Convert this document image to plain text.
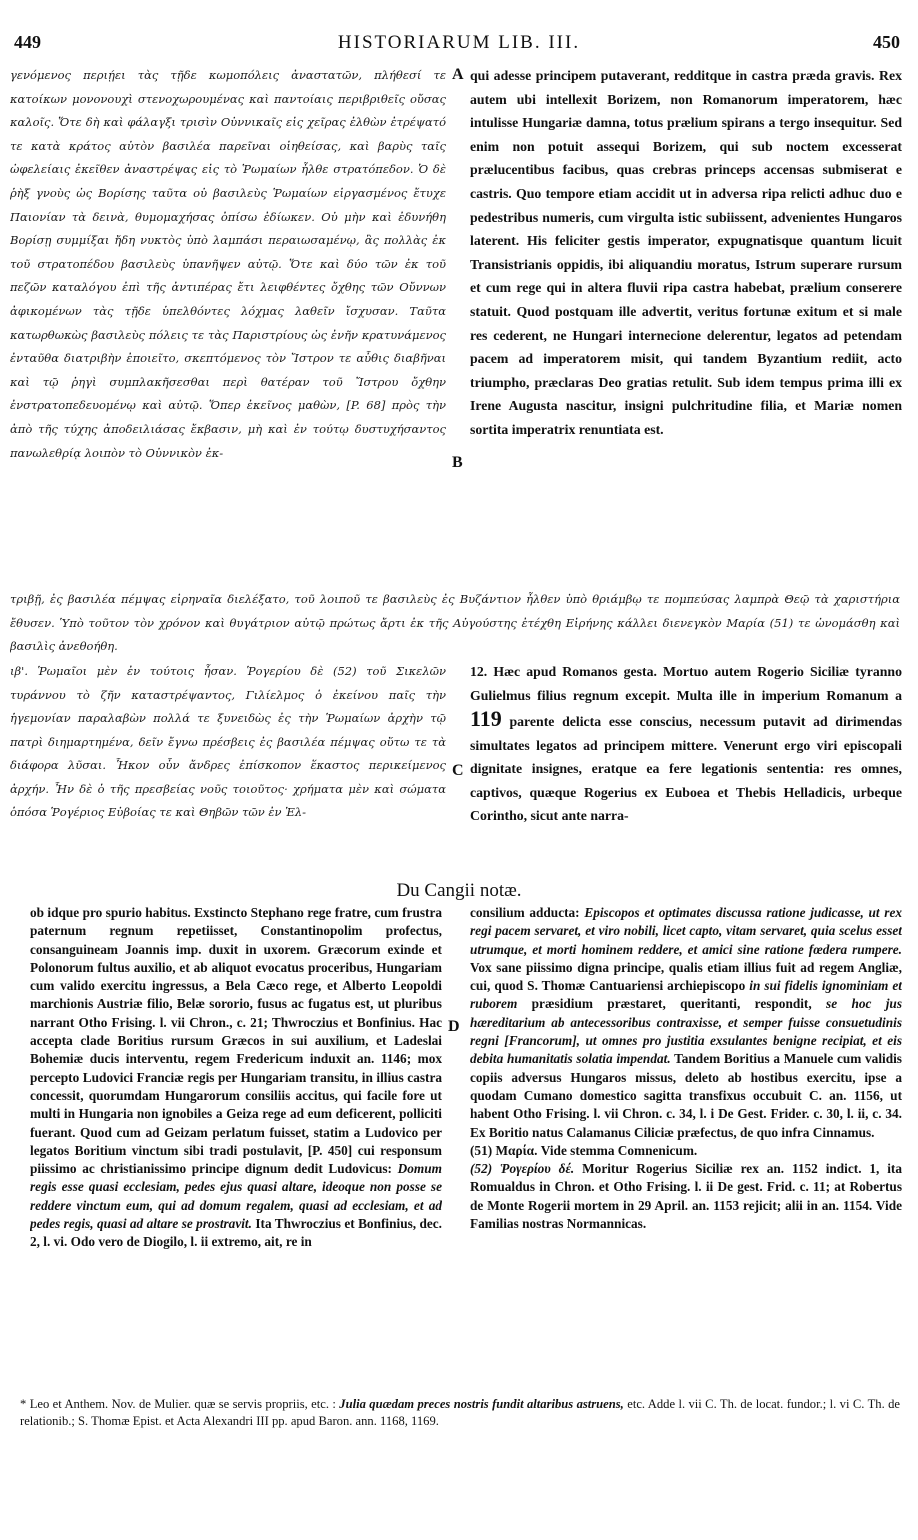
449	HISTORIARUM LIB. III.	450

γενόμενος περιῄει τὰς τῇδε κωμοπόλεις ἀναστατῶν, πλήθεσί τε κατοίκων μονονουχὶ στενοχωρουμένας καὶ παντοίαις περιβριθεῖς οὔσας καλοῖς. Ὅτε δὴ καὶ φάλαγξι τρισὶν Οὐννικαῖς εἰς χεῖρας ἐλθὼν ἐτρέψατό τε κατὰ κράτος αὐτὸν βασιλέα παρεῖναι οἰηθείσας, καὶ βαρὺς ταῖς ὠφελείαις ἐκεῖθεν ἀναστρέψας εἰς τὸ Ῥωμαίων ἦλθε στρατόπεδον. Ὁ δὲ ῥὴξ γνοὺς ὡς Βορίσης ταῦτα οὐ βασιλεὺς Ῥωμαίων εἰργασμένος ἔτυχε Παιονίαν τὰ δεινὰ, θυμομαχήσας ὀπίσω ἐδίωκεν. Οὐ μὴν καὶ ἐδυνήθη Βορίσῃ συμμίξαι ἤδη νυκτὸς ὑπὸ λαμπάσι περαιωσαμένῳ, ἃς πολλὰς ἐκ τοῦ στρατοπέδου βασιλεὺς ὑπανῆψεν αὐτῷ. Ὅτε καὶ δύο τῶν ἐκ τοῦ πεζῶν καταλόγου ἐπὶ τῆς ἀντιπέρας ἔτι λειφθέντες ὄχθης τῶν Οὔννων ἀφικομένων τὰς τῇδε ὑπελθόντες λόχμας λαθεῖν ἴσχυσαν. Ταῦτα κατωρθωκὼς βασιλεὺς πόλεις τε τὰς Παριστρίους ὡς ἐνῆν κρατυνάμενος ἐνταῦθα διατριβὴν ἐποιεῖτο, σκεπτόμενος τὸν Ἴστρον τε αὖθις διαβῆναι καὶ τῷ ῥηγὶ συμπλακῆσεσθαι περὶ θατέραν τοῦ Ἴστρου ὄχθην ἐνστρατοπεδευομένῳ καὶ αὐτῷ. Ὅπερ ἐκεῖνος μαθὼν, [P. 68] πρὸς τὴν ἀπὸ τῆς τύχης ἀποδειλιάσας ἔκβασιν, μὴ καὶ ἐν τούτῳ δυστυχήσαντος πανωλεθρίᾳ λοιπὸν τὸ Οὐννικὸν ἐκ-

qui adesse principem putaverant, redditque in castra præda gravis. Rex autem ubi intellexit Borizem, non Romanorum imperatorem, hæc intulisse Hungariæ damna, totus prælium spirans a tergo insequitur. Sed enim non potuit assequi Borizem, qui sub noctem excesserat prælucentibus facibus, quas crebras princeps accensas submiserat e castris. Quo tempore etiam accidit ut in adversa ripa relicti adhuc duo e pedestribus numeris, cum virgulta istic subiissent, advenientes Hungaros laterent. His feliciter gestis imperator, expugnatisque quantum licuit Transistrianis oppidis, ibi aliquandiu moratus, Istrum superare rursum et cum rege qui in altera fluvii ripa castra habebat, prælium conserere statuit. Quod postquam ille advertit, veritus fortunæ exitum et si male res cederent, ne Hungari internecione delerentur, legatos ad petendam pacem ad imperatorem misit, qui tandem Byzantium rediit, acto triumpho, præclaras Deo gratias retulit. Sub idem tempus prima illi ex Irene Augusta nascitur, insigni pulchritudine filia, et Mariæ nomen sortita imperatrix renuntiata est.

A
B
C

τριβῇ, ἐς βασιλέα πέμψας εἰρηναῖα διελέξατο, τοῦ λοιποῦ τε βασιλεὺς ἐς Βυζάντιον ἦλθεν ὑπὸ θριάμβῳ τε πομπεύσας λαμπρὰ Θεῷ τὰ χαριστήρια ἔθυσεν. Ὑπὸ τοῦτον τὸν χρόνον καὶ θυγάτριον αὐτῷ πρώτως ἄρτι ἐκ τῆς Αὐγούστης ἐτέχθη Εἰρήνης κάλλει διενεγκὸν Μαρία (51) τε ὠνομάσθη καὶ βασιλὶς ἀνεθοήθη.

ιβ'. Ῥωμαῖοι μὲν ἐν τούτοις ἦσαν. Ῥογερίου δὲ (52) τοῦ Σικελῶν τυράννου τὸ ζῆν καταστρέψαντος, Γιλίελμος ὁ ἐκείνου παῖς τὴν ἡγεμονίαν παραλαβὼν πολλά τε ξυνειδὼς ἐς τὴν Ῥωμαίων ἀρχὴν τῷ πατρὶ διημαρτημένα, δεῖν ἔγνω πρέσβεις ἐς βασιλέα πέμψας οὕτω τε τὰ διάφορα λῦσαι. Ἧκον οὖν ἄνδρες ἐπίσκοπον ἕκαστος περικείμενος ἀρχήν. Ἦν δὲ ὁ τῆς πρεσβείας νοῦς τοιοῦτος· χρήματα μὲν καὶ σώματα ὁπόσα Ῥογέριος Εὐβοίας τε καὶ Θηβῶν τῶν ἐν Ἑλ-

12. Hæc apud Romanos gesta. Mortuo autem Rogerio Siciliæ tyranno Gulielmus filius regnum excepit. Multa ille in imperium Romanum a 119 parente delicta esse conscius, necessum putavit ad dirimendas simultates legatos ad principem mittere. Venerunt ergo viri episcopali dignitate insignes, eratque ea fere legationis sententia: res omnes, captivos, quæque Rogerius ex Euboea et Thebis Helladicis, urbeque Corintho, sicut ante narra-

Du Cangii notæ.

ob idque pro spurio habitus. Exstincto Stephano rege fratre, cum frustra paternum regnum repetiisset, Constantinopolim profectus, consanguineam Joannis imp. duxit in uxorem. Græcorum exinde et Polonorum fultus auxilio, et ab aliquot evocatus proceribus, Hungariam cum valido exercitu ingressus, a Bela Cæco rege, et Alberto Leopoldi marchionis Austriæ filio, Belæ sororio, fusus ac fugatus est, ut pluribus narrant Otho Frising. l. vii Chron., c. 21; Thwroczius et Bonfinius. Hac accepta clade Boritius rursum Græcos in sui auxilium, et Ladeslai Bohemiæ ducis interventu, regem Fredericum induxit an. 1146; mox percepto Ludovici Franciæ regis per Hungariam transitu, in illius castra concessit, quorumdam Hungarorum consiliis accitus, qui facile fore ut multi in Hungaria non ignobiles a Geiza rege ad eum deficerent, polliciti fuerant. Quod cum ad Geizam perlatum fuisset, statim a Ludovico per legatos Boritium vinctum sibi tradi postulavit, [P. 450] cui responsum piissimo ac christianissimo principe dignum dedit Ludovicus: Domum regis esse quasi ecclesiam, pedes ejus quasi altare, ideoque non posse se reddere vinctum eum, qui ad domum regalem, quasi ad ecclesiam, et ad pedes regis, quasi ad altare se prostravit. Ita Thwroczius et Bonfinius, dec. 2, l. vi. Odo vero de Diogilo, l. ii extremo, ait, re in

D

consilium adducta: Episcopos et optimates discussa ratione judicasse, ut rex regi pacem servaret, et viro nobili, licet capto, vitam servaret, quia scelus esset utrumque, et morti hominem reddere, et amici sine ratione fœdera rumpere. Vox sane piissimo digna principe, qualis etiam illius fuit ad regem Angliæ, cui, quod S. Thomæ Cantuariensi archiepiscopo in sui fidelis ignominiam et ruborem præsidium præstaret, queritanti, respondit, se hoc jus hæreditarium ab antecessoribus contraxisse, et semper fuisse consuetudinis regni [Francorum], ut omnes pro justitia exsulantes benigne recipiat, et eis debita humanitatis solatia impendat. Tandem Boritius a Manuele cum validis copiis adversus Hungaros missus, deleto ab hostibus exercitu, ipse a quodam Cumano domestico sagitta transfixus occubuit C. an. 1156, ut habent Otho Frising. l. vii Chron. c. 34, l. i De Gest. Frider. c. 30, l. ii, c. 34. Ex Boritio natus Calamanus Ciliciæ præfectus, de quo infra Cinnamus.
(51) Μαρία. Vide stemma Comnenicum.
(52) Ῥογερίου δέ. Moritur Rogerius Siciliæ rex an. 1152 indict. 1, ita Romualdus in Chron. et Otho Frising. l. ii De gest. Frid. c. 11; at Robertus de Monte Rogerii mortem in 29 April. an. 1153 rejicit; alii in an. 1154. Vide Familias nostras Normannicas.

* Leo et Anthem. Nov. de Mulier. quæ se servis propriis, etc. : Julia quædam preces nostris fundit altaribus astruens, etc. Adde l. vii C. Th. de locat. fundor.; l. vi C. Th. de relationib.; S. Thomæ Epist. et Acta Alexandri III pp. apud Baron. ann. 1168, 1169.
